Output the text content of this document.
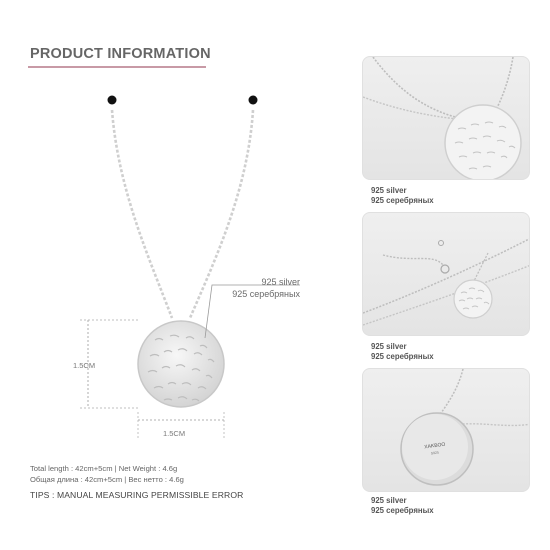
PRODUCT INFORMATION
925 silver
925 серебряных
1.5CM
1.5CM
Total length : 42cm+5cm | Net Weight : 4.6g
Общая длина : 42cm+5cm | Вес нетто : 4.6g
TIPS : MANUAL MEASURING PERMISSIBLE ERROR
925 silver
925 серебряных
925 silver
925 серебряных
XAKBOO
S925
925 silver
925 серебряных
